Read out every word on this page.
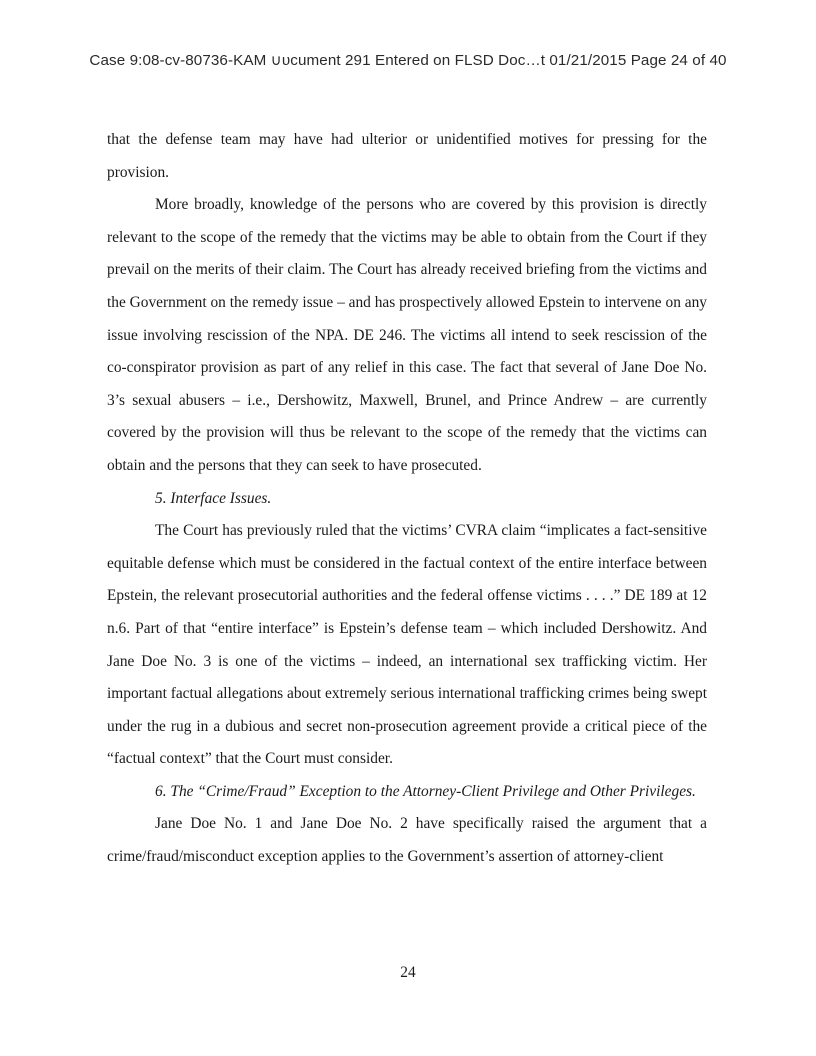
Case 9:08-cv-80736-KAM ∪υcument 291 Entered on FLSD Doc…t 01/21/2015 Page 24 of 40

that the defense team may have had ulterior or unidentified motives for pressing for the provision.

More broadly, knowledge of the persons who are covered by this provision is directly relevant to the scope of the remedy that the victims may be able to obtain from the Court if they prevail on the merits of their claim. The Court has already received briefing from the victims and the Government on the remedy issue – and has prospectively allowed Epstein to intervene on any issue involving rescission of the NPA. DE 246. The victims all intend to seek rescission of the co-conspirator provision as part of any relief in this case. The fact that several of Jane Doe No. 3’s sexual abusers – i.e., Dershowitz, Maxwell, Brunel, and Prince Andrew – are currently covered by the provision will thus be relevant to the scope of the remedy that the victims can obtain and the persons that they can seek to have prosecuted.

5. Interface Issues.

The Court has previously ruled that the victims’ CVRA claim “implicates a fact-sensitive equitable defense which must be considered in the factual context of the entire interface between Epstein, the relevant prosecutorial authorities and the federal offense victims . . . .” DE 189 at 12 n.6. Part of that “entire interface” is Epstein’s defense team – which included Dershowitz. And Jane Doe No. 3 is one of the victims – indeed, an international sex trafficking victim. Her important factual allegations about extremely serious international trafficking crimes being swept under the rug in a dubious and secret non-prosecution agreement provide a critical piece of the “factual context” that the Court must consider.

6. The “Crime/Fraud” Exception to the Attorney-Client Privilege and Other Privileges.

Jane Doe No. 1 and Jane Doe No. 2 have specifically raised the argument that a crime/fraud/misconduct exception applies to the Government’s assertion of attorney-client

24
